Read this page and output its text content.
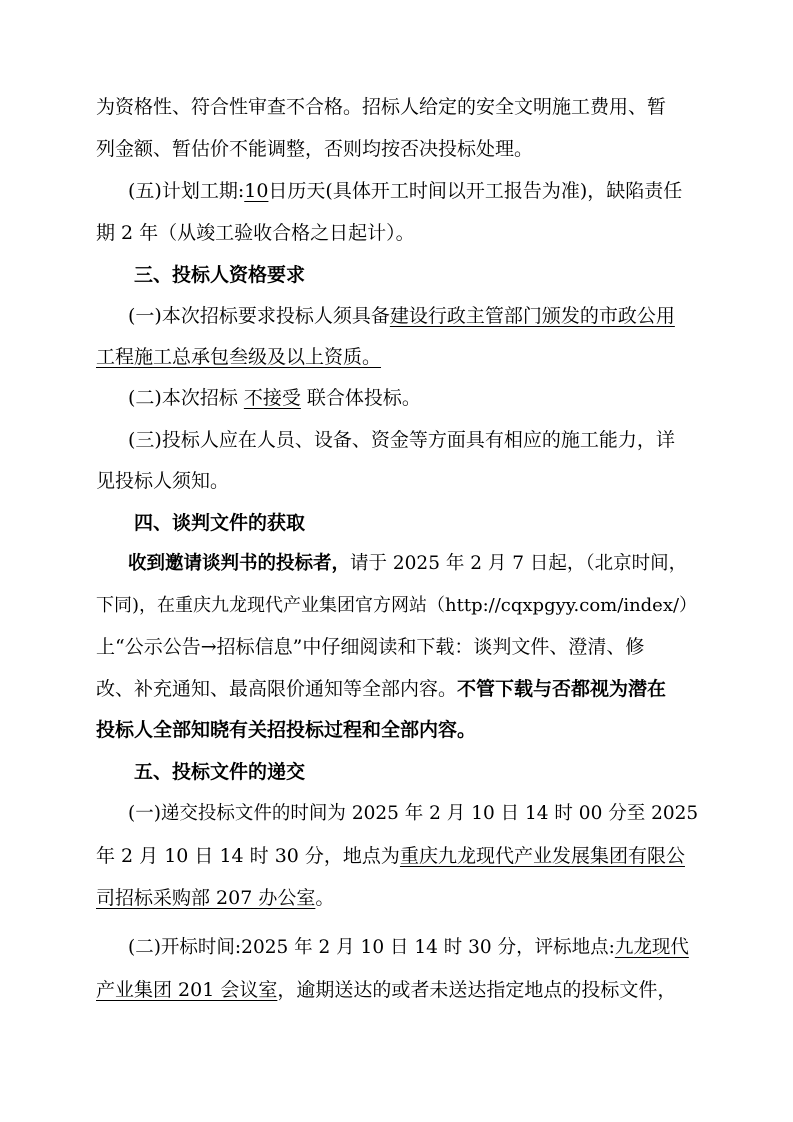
为资格性、符合性审查不合格。招标人给定的安全文明施工费用、暂
列金额、暂估价不能调整，否则均按否决投标处理。
(五)计划工期:10日历天(具体开工时间以开工报告为准)，缺陷责任
期 2 年（从竣工验收合格之日起计）。
三、投标人资格要求
(一)本次招标要求投标人须具备建设行政主管部门颁发的市政公用
工程施工总承包叁级及以上资质。
(二)本次招标 不接受 联合体投标。
(三)投标人应在人员、设备、资金等方面具有相应的施工能力，详
见投标人须知。
四、谈判文件的获取
收到邀请谈判书的投标者，请于 2025 年 2 月 7 日起，（北京时间，
下同)，在重庆九龙现代产业集团官方网站（http://cqxpgyy.com/index/）
上“公示公告→招标信息”中仔细阅读和下载：谈判文件、澄清、修
改、补充通知、最高限价通知等全部内容。不管下载与否都视为潜在
投标人全部知晓有关招投标过程和全部内容。
五、投标文件的递交
(一)递交投标文件的时间为 2025 年 2 月 10 日 14 时 00 分至 2025
年 2 月 10 日 14 时 30 分，地点为重庆九龙现代产业发展集团有限公
司招标采购部 207 办公室。
(二)开标时间:2025 年 2 月 10 日 14 时 30 分，评标地点:九龙现代
产业集团 201 会议室，逾期送达的或者未送达指定地点的投标文件，
